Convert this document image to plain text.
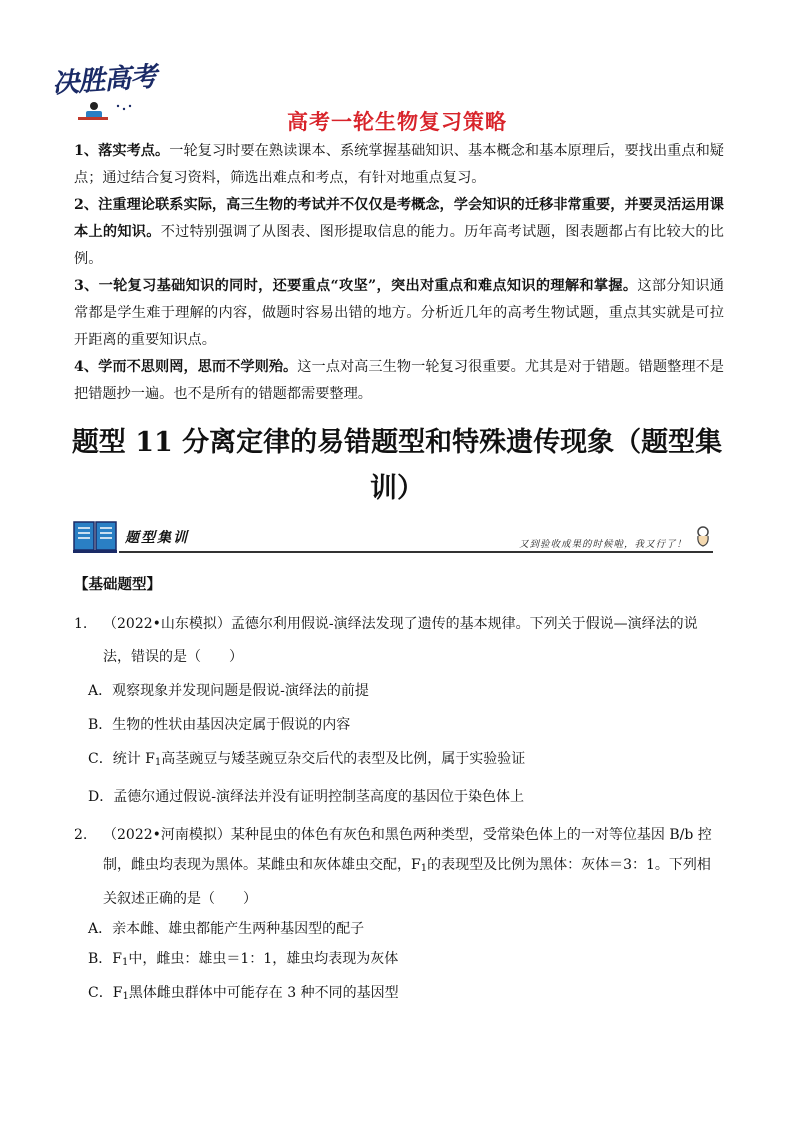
决胜高考
高考一轮生物复习策略

1、落实考点。一轮复习时要在熟读课本、系统掌握基础知识、基本概念和基本原理后，要找出重点和疑点；通过结合复习资料，筛选出难点和考点，有针对地重点复习。

2、注重理论联系实际，高三生物的考试并不仅仅是考概念，学会知识的迁移非常重要，并要灵活运用课本上的知识。不过特别强调了从图表、图形提取信息的能力。历年高考试题，图表题都占有比较大的比例。

3、一轮复习基础知识的同时，还要重点“攻坚”，突出对重点和难点知识的理解和掌握。这部分知识通常都是学生难于理解的内容，做题时容易出错的地方。分析近几年的高考生物试题，重点其实就是可拉开距离的重要知识点。

4、学而不思则罔，思而不学则殆。这一点对高三生物一轮复习很重要。尤其是对于错题。错题整理不是把错题抄一遍。也不是所有的错题都需要整理。

题型 11 分离定律的易错题型和特殊遗传现象（题型集训）
题型集训	又到验收成果的时候啦，我又行了！
【基础题型】
1.	（2022•山东模拟）孟德尔利用假说-演绎法发现了遗传的基本规律。下列关于假说—演绎法的说法，错误的是（　　）
A．观察现象并发现问题是假说-演绎法的前提
B．生物的性状由基因决定属于假说的内容
C．统计 $F_1$高茎豌豆与矮茎豌豆杂交后代的表型及比例，属于实验验证
D．孟德尔通过假说-演绎法并没有证明控制茎高度的基因位于染色体上
2.	（2022•河南模拟）某种昆虫的体色有灰色和黑色两种类型，受常染色体上的一对等位基因 B/b 控制，雌虫均表现为黑体。某雌虫和灰体雄虫交配，$F_1$的表现型及比例为黑体：灰体＝3：1。下列相关叙述正确的是（　　）
A．亲本雌、雄虫都能产生两种基因型的配子
B．$F_1$中，雌虫：雄虫＝1：1，雄虫均表现为灰体
C．$F_1$黑体雌虫群体中可能存在 3 种不同的基因型
